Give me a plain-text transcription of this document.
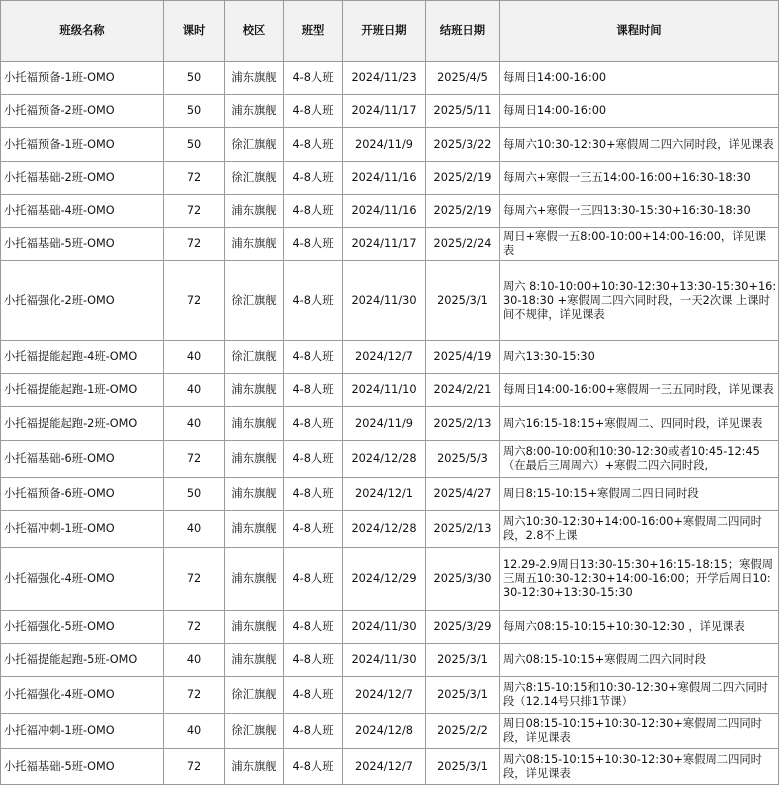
班级名称	课时	校区	班型	开班日期	结班日期	课程时间
小托福预备-1班-OMO	50	浦东旗舰	4-8人班	2024/11/23	2025/4/5	每周日14:00-16:00
小托福预备-2班-OMO	50	浦东旗舰	4-8人班	2024/11/17	2025/5/11	每周日14:00-16:00
小托福预备-1班-OMO	50	徐汇旗舰	4-8人班	2024/11/9	2025/3/22	每周六10:30-12:30+寒假周二四六同时段，详见课表
小托福基础-2班-OMO	72	徐汇旗舰	4-8人班	2024/11/16	2025/2/19	每周六+寒假一三五14:00-16:00+16:30-18:30
小托福基础-4班-OMO	72	浦东旗舰	4-8人班	2024/11/16	2025/2/19	每周六+寒假一三四13:30-15:30+16:30-18:30
小托福基础-5班-OMO	72	浦东旗舰	4-8人班	2024/11/17	2025/2/24	周日+寒假一五8:00-10:00+14:00-16:00，详见课表
小托福强化-2班-OMO	72	徐汇旗舰	4-8人班	2024/11/30	2025/3/1	周六 8:10-10:00+10:30-12:30+13:30-15:30+16:30-18:30 +寒假周二四六同时段，一天2次课 上课时间不规律，详见课表
小托福提能起跑-4班-OMO	40	徐汇旗舰	4-8人班	2024/12/7	2025/4/19	周六13:30-15:30
小托福提能起跑-1班-OMO	40	浦东旗舰	4-8人班	2024/11/10	2024/2/21	每周日14:00-16:00+寒假周一三五同时段，详见课表
小托福提能起跑-2班-OMO	40	浦东旗舰	4-8人班	2024/11/9	2025/2/13	周六16:15-18:15+寒假周二、四同时段，详见课表
小托福基础-6班-OMO	72	浦东旗舰	4-8人班	2024/12/28	2025/5/3	周六8:00-10:00和10:30-12:30或者10:45-12:45（在最后三周周六）+寒假二四六同时段,
小托福预备-6班-OMO	50	浦东旗舰	4-8人班	2024/12/1	2025/4/27	周日8:15-10:15+寒假周二四日同时段
小托福冲刺-1班-OMO	40	浦东旗舰	4-8人班	2024/12/28	2025/2/13	周六10:30-12:30+14:00-16:00+寒假周二四同时段，2.8不上课
小托福强化-4班-OMO	72	浦东旗舰	4-8人班	2024/12/29	2025/3/30	12.29-2.9周日13:30-15:30+16:15-18:15；寒假周三周五10:30-12:30+14:00-16:00；开学后周日10:30-12:30+13:30-15:30
小托福强化-5班-OMO	72	浦东旗舰	4-8人班	2024/11/30	2025/3/29	每周六08:15-10:15+10:30-12:30 ，详见课表
小托福提能起跑-5班-OMO	40	浦东旗舰	4-8人班	2024/11/30	2025/3/1	周六08:15-10:15+寒假周二四六同时段
小托福强化-4班-OMO	72	徐汇旗舰	4-8人班	2024/12/7	2025/3/1	周六8:15-10:15和10:30-12:30+寒假周二四六同时段（12.14号只排1节课）
小托福冲刺-1班-OMO	40	徐汇旗舰	4-8人班	2024/12/8	2025/2/2	周日08:15-10:15+10:30-12:30+寒假周二四同时段，详见课表
小托福基础-5班-OMO	72	浦东旗舰	4-8人班	2024/12/7	2025/3/1	周六08:15-10:15+10:30-12:30+寒假周二四同时段，详见课表
